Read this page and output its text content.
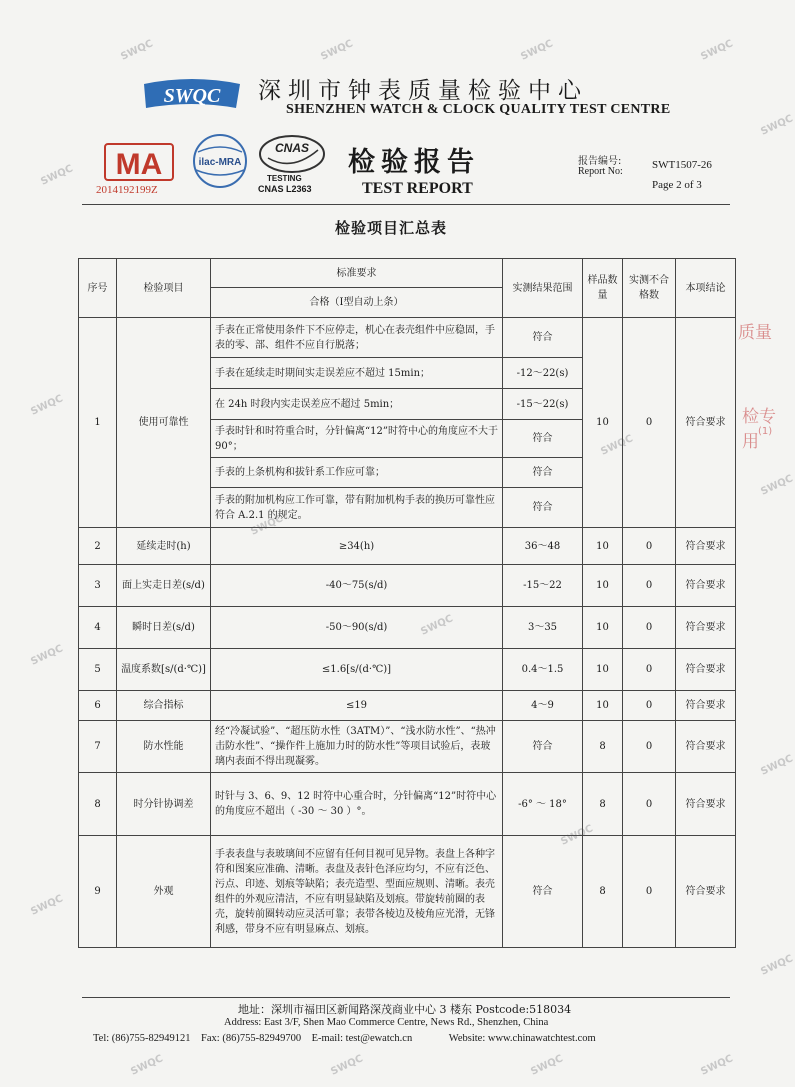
SWQC	SWQC	SWQC	SWQC
SWQC
SWQC
SWQC
SWQC
SWQC
SWQC
SWQC
SWQC
SWQC	SWQC	SWQC	SWQC
SWQC
SWQC
SWQC
SWQC
SWQC 深圳市钟表质量检验中心
SHENZHEN WATCH & CLOCK QUALITY TEST CENTRE
MA
2014192199Z
ilac-MRA
CNAS
TESTING
CNAS L2363
检验报告
TEST REPORT
报告编号:
Report No:
SWT1507-26
Page 2 of 3
检验项目汇总表
序号	检验项目	标准要求	实测结果范围	样品数量	实测不合格数	本项结论
		合格（Ⅰ型自动上条）				
1	使用可靠性	手表在正常使用条件下不应停走，机心在表壳组件中应稳固，手表的零、部、组件不应自行脱落；	符合	10	0	符合要求
		手表在延续走时期间实走误差应不超过 15min；	-12～22(s)			
		在 24h 时段内实走误差应不超过 5min；	-15～22(s)			
		手表时针和时符重合时，分针偏离“12”时符中心的角度应不大于 90°；	符合			
		手表的上条机构和拔针系工作应可靠；	符合			
		手表的附加机构应工作可靠，带有附加机构手表的换历可靠性应符合 A.2.1 的规定。	符合			
2	延续走时(h)	≥34(h)	36～48	10	0	符合要求
3	面上实走日差(s/d)	-40～75(s/d)	-15～22	10	0	符合要求
4	瞬时日差(s/d)	-50～90(s/d)	3～35	10	0	符合要求
5	温度系数[s/(d·℃)]	≤1.6[s/(d·℃)]	0.4～1.5	10	0	符合要求
6	综合指标	≤19	4～9	10	0	符合要求
7	防水性能	经“冷凝试验”、“超压防水性（3ATM）”、“浅水防水性”、“热冲击防水性”、“操作件上施加力时的防水性”等项目试验后，表玻璃内表面不得出现凝雾。	符合	8	0	符合要求
8	时分针协调差	时针与 3、6、9、12 时符中心重合时，分针偏离“12”时符中心的角度应不超出（ -30 ～ 30 ）°。	-6° ～ 18°	8	0	符合要求
9	外观	手表表盘与表玻璃间不应留有任何目视可见异物。表盘上各种字符和图案应准确、清晰。表盘及表针色泽应均匀，不应有泛色、污点、印迹、划痕等缺陷；表壳造型、型面应规则、清晰。表壳组件的外观应清洁，不应有明显缺陷及划痕。带旋转前圈的表壳，旋转前圈转动应灵活可靠；表带各棱边及棱角应光滑，无锋利感，带身不应有明显麻点、划痕。	符合	8	0	符合要求
质量
检专用
(1)
地址：深圳市福田区新闻路深茂商业中心 3 楼东 Postcode:518034
Address: East 3/F, Shen Mao Commerce Centre, News Rd., Shenzhen, China
Tel: (86)755-82949121    Fax: (86)755-82949700    E-mail: test@ewatch.cn              Website: www.chinawatchtest.com
